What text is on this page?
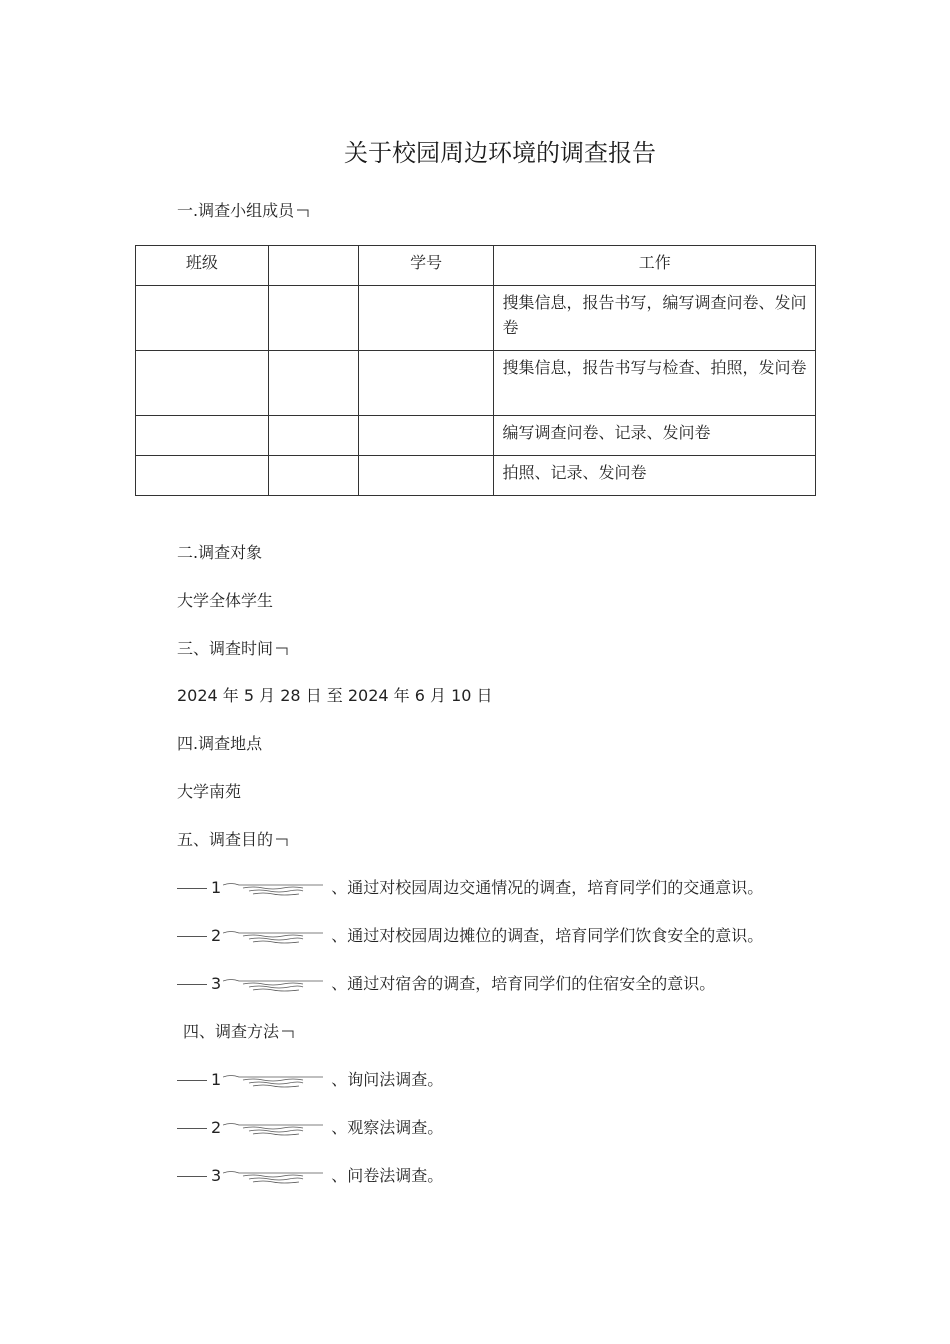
关于校园周边环境的调查报告
一.调查小组成员
班级		学号	工作
			搜集信息，报告书写，编写调查问卷、发问卷
			搜集信息，报告书写与检查、拍照，发问卷
			编写调查问卷、记录、发问卷
			拍照、记录、发问卷
二.调查对象
大学全体学生
三、调查时间
2024 年 5 月 28 日 至 2024 年 6 月 10 日
四.调查地点
大学南苑
五、调查目的
1	、通过对校园周边交通情况的调查，培育同学们的交通意识。
2	、通过对校园周边摊位的调查，培育同学们饮食安全的意识。
3	、通过对宿舍的调查，培育同学们的住宿安全的意识。
四、调查方法
1	、询问法调查。
2	、观察法调查。
3	、问卷法调查。
